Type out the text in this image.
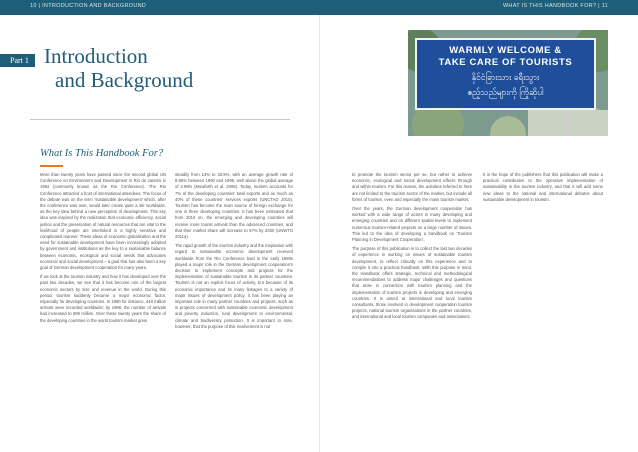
10 | INTRODUCTION AND BACKGROUND	WHAT IS THIS HANDBOOK FOR? | 11
Part 1 Introduction
and Background
WARMLY WELCOME &
TAKE CARE OF TOURISTS
နိုင်ငံခြားသား ခရီးသွား
ဧည့်သည်များကို ကြိုဆိုပါ
What Is This Handbook For?

More than twenty years have passed since the second global UN Conference on Environment and Development in Rio de Janeiro in 1992 (commonly known as the Rio Conference). The Rio Conference attracted a host of international attendees. The focus of the debate was on the term 'sustainable development' which, after the conference was over, would later create quite a stir worldwide, as the key idea behind a new perception of development. This key idea was inspired by the realization that economic efficiency, social justice and the preservation of natural resources that are vital to the livelihood of people are interlinked in a highly sensitive and complicated manner. These ideas of economic globalization and the need for sustainable development have been increasingly adopted by government and institutions as the key to a sustainable balance between economic, ecological and social needs that advocates economic and social development – a goal that has also been a key goal of German development cooperation for many years.

If we look at the tourism industry and how it has developed over the past two decades, we see that it has become one of the largest economic sectors by size and revenue in the world. During this period, tourism suddenly became a major economic factor, especially for developing countries. In 1990 for instance, 440 million arrivals were recorded worldwide; by 1998, the number of arrivals had increased to 699 million. Over these twenty years the share of the developing countries in the world tourism market grew

steadily from 13% to 33.9%, with an average growth rate of 8.86% between 1990 and 1998, well above the global average of 3.99% (Mowforth et al. 2008). Today, tourism accounts for 7% of the developing countries' total exports and as much as 40% of these countries' services exports (UNCTAD 2010). Tourism has become the main source of foreign exchange for one in three developing countries. It has been estimated that from 2010 on, the emerging and developing countries will receive more tourist arrivals than the advanced countries, and that their market share will increase to 57% by 2030 (UNWTO 2011a).

The rapid growth of the tourism industry and the inspiration with regard to sustainable economic development received worldwide from the Rio Conference lead in the early 1990s played a major role in the German development cooperation's decision to implement concepts and projects for the implementation of sustainable tourism in its partner countries. Tourism is not an explicit focus of activity, but because of its economic importance and its many linkages to a variety of major issues of development policy, it has been playing an important role in many partner countries and projects, such as in projects concerned with sustainable economic development and poverty reduction, rural development or environmental, climate and biodiversity protection. It is important to note, however, that the purpose of this involvement is not

to promote the tourism sector per se, but rather to achieve economic, ecological and social development effects through and within tourism. For this reason, the activities referred to here are not limited to the tourism sector of the market, but include all forms of tourism, even and especially the mass tourism market.

Over the years, the German development cooperation has worked with a wide range of actors in many developing and emerging countries and on different spatial levels to implement numerous tourism-related projects on a large number of issues. This led to the idea of developing a handbook on 'Tourism Planning in Development Cooperation'.

The purpose of this publication is to collect the last two decades of experience in working on issues of sustainable tourism development, to reflect critically on this experience and to compile it into a practical handbook. With this purpose in mind, the Handbook offers strategic, technical and methodological recommendations to address major challenges and questions that arise in connection with tourism planning and the implementation of tourism projects in developing and emerging countries. It is aimed at international and local tourism consultants, those involved in development cooperation tourism projects, national tourism organisations in the partner countries, and international and local tourism companies and associations.

It is the hope of the publishers that this publication will make a practical contribution to the operative implementation of sustainability in the tourism industry, and that it will add some new ideas to the national and international debates about sustainable development in tourism.
